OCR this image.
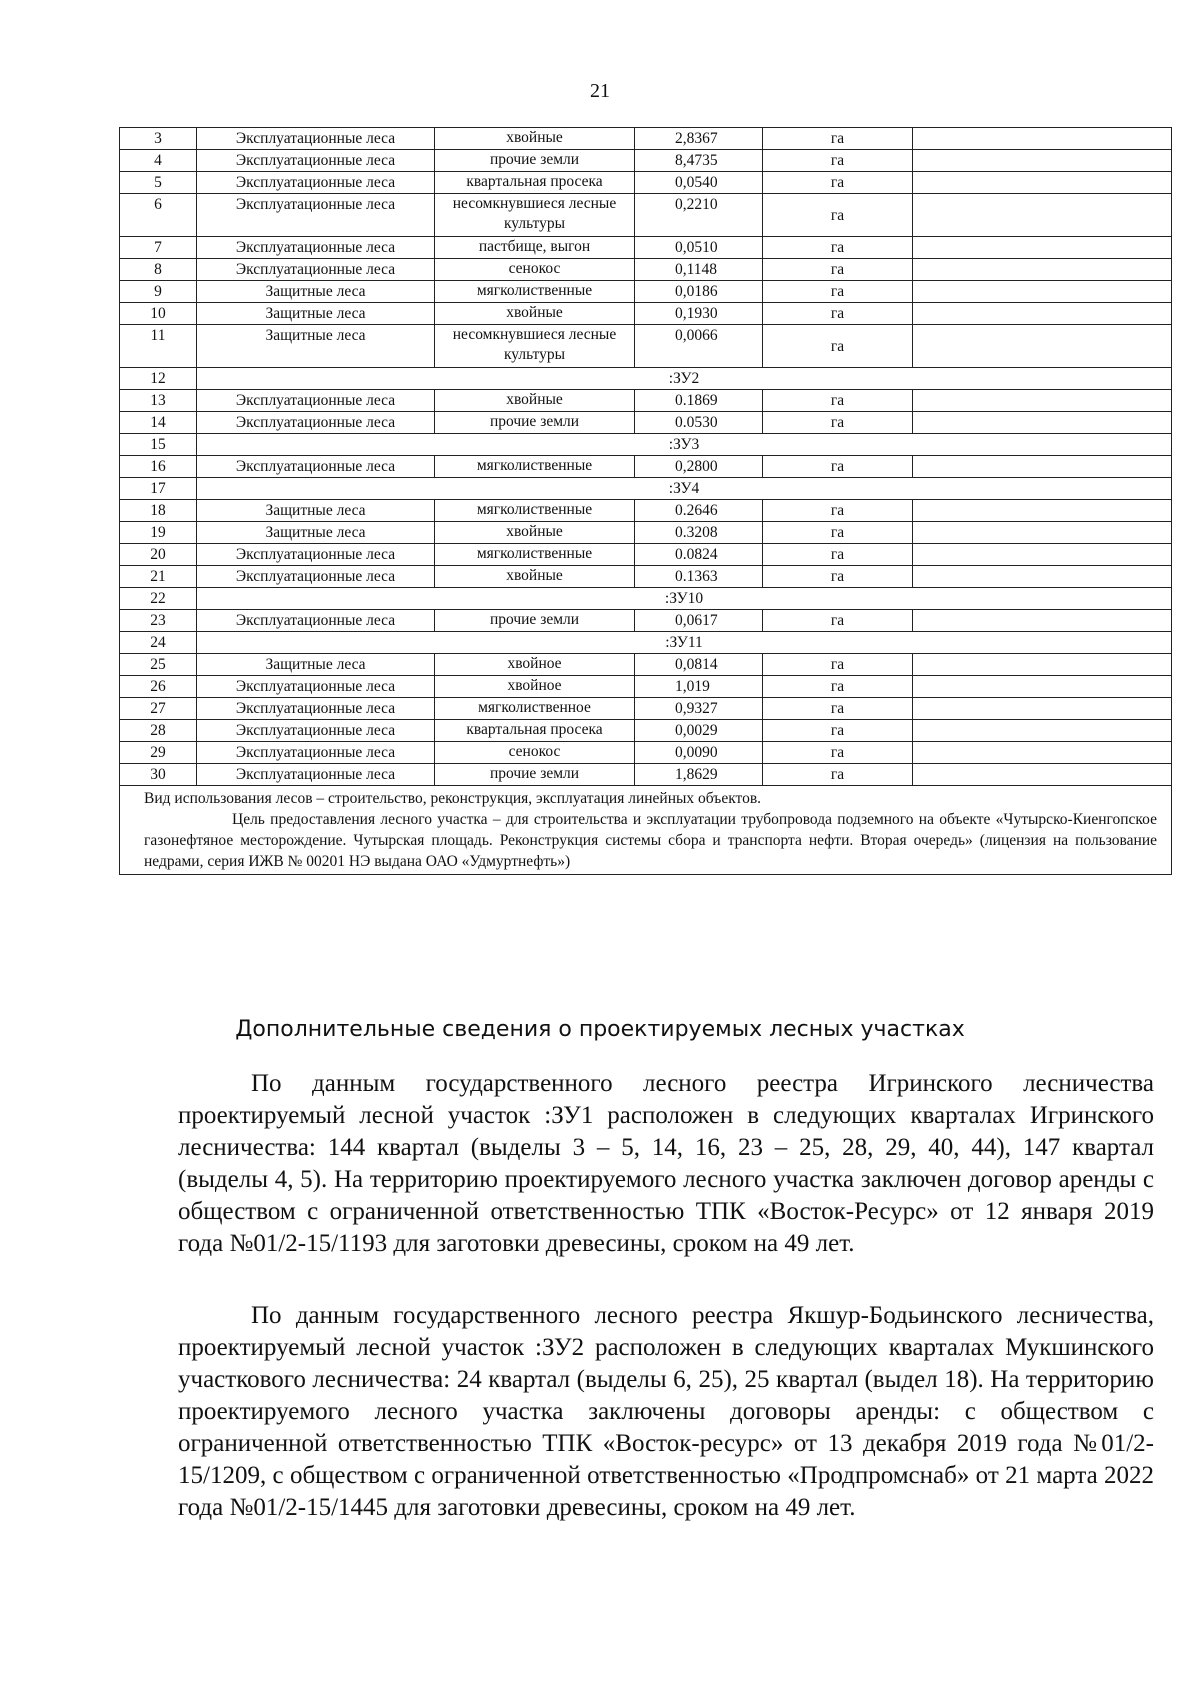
21
3	Эксплуатационные леса	хвойные	2,8367	га	
4	Эксплуатационные леса	прочие земли	8,4735	га	
5	Эксплуатационные леса	квартальная просека	0,0540	га	
6	Эксплуатационные леса	несомкнувшиеся лесные культуры	0,2210	га	
7	Эксплуатационные леса	пастбище, выгон	0,0510	га	
8	Эксплуатационные леса	сенокос	0,1148	га	
9	Защитные леса	мягколиственные	0,0186	га	
10	Защитные леса	хвойные	0,1930	га	
11	Защитные леса	несомкнувшиеся лесные культуры	0,0066	га	
12	:ЗУ2				
13	Эксплуатационные леса	хвойные	0.1869	га	
14	Эксплуатационные леса	прочие земли	0.0530	га	
15	:ЗУ3				
16	Эксплуатационные леса	мягколиственные	0,2800	га	
17	:ЗУ4				
18	Защитные леса	мягколиственные	0.2646	га	
19	Защитные леса	хвойные	0.3208	га	
20	Эксплуатационные леса	мягколиственные	0.0824	га	
21	Эксплуатационные леса	хвойные	0.1363	га	
22	:ЗУ10				
23	Эксплуатационные леса	прочие земли	0,0617	га	
24	:ЗУ11				
25	Защитные леса	хвойное	0,0814	га	
26	Эксплуатационные леса	хвойное	1,019	га	
27	Эксплуатационные леса	мягколиственное	0,9327	га	
28	Эксплуатационные леса	квартальная просека	0,0029	га	
29	Эксплуатационные леса	сенокос	0,0090	га	
30	Эксплуатационные леса	прочие земли	1,8629	га	

Вид использования лесов – строительство, реконструкция, эксплуатация линейных объектов.
Цель предоставления лесного участка – для строительства и эксплуатации трубопровода подземного на объекте «Чутырско-Киенгопское газонефтяное месторождение. Чутырская площадь. Реконструкция системы сбора и транспорта нефти. Вторая очередь» (лицензия на пользование недрами, серия ИЖВ № 00201 НЭ выдана ОАО «Удмуртнефть»)					
Дополнительные сведения о проектируемых лесных участках

По данным государственного лесного реестра Игринского лесничества проектируемый лесной участок :ЗУ1 расположен в следующих кварталах Игринского лесничества: 144 квартал (выделы 3 – 5, 14, 16, 23 – 25, 28, 29, 40, 44), 147 квартал (выделы 4, 5). На территорию проектируемого лесного участка заключен договор аренды с обществом с ограниченной ответственностью ТПК «Восток-Ресурс» от 12 января 2019 года №01/2-15/1193 для заготовки древесины, сроком на 49 лет.

По данным государственного лесного реестра Якшур-Бодьинского лесничества, проектируемый лесной участок :ЗУ2 расположен в следующих кварталах Мукшинского участкового лесничества: 24 квартал (выделы 6, 25), 25 квартал (выдел 18). На территорию проектируемого лесного участка заключены договоры аренды: с обществом с ограниченной ответственностью ТПК «Восток-ресурс» от 13 декабря 2019 года №01/2-15/1209, с обществом с ограниченной ответственностью «Продпромснаб» от 21 марта 2022 года №01/2-15/1445 для заготовки древесины, сроком на 49 лет.
